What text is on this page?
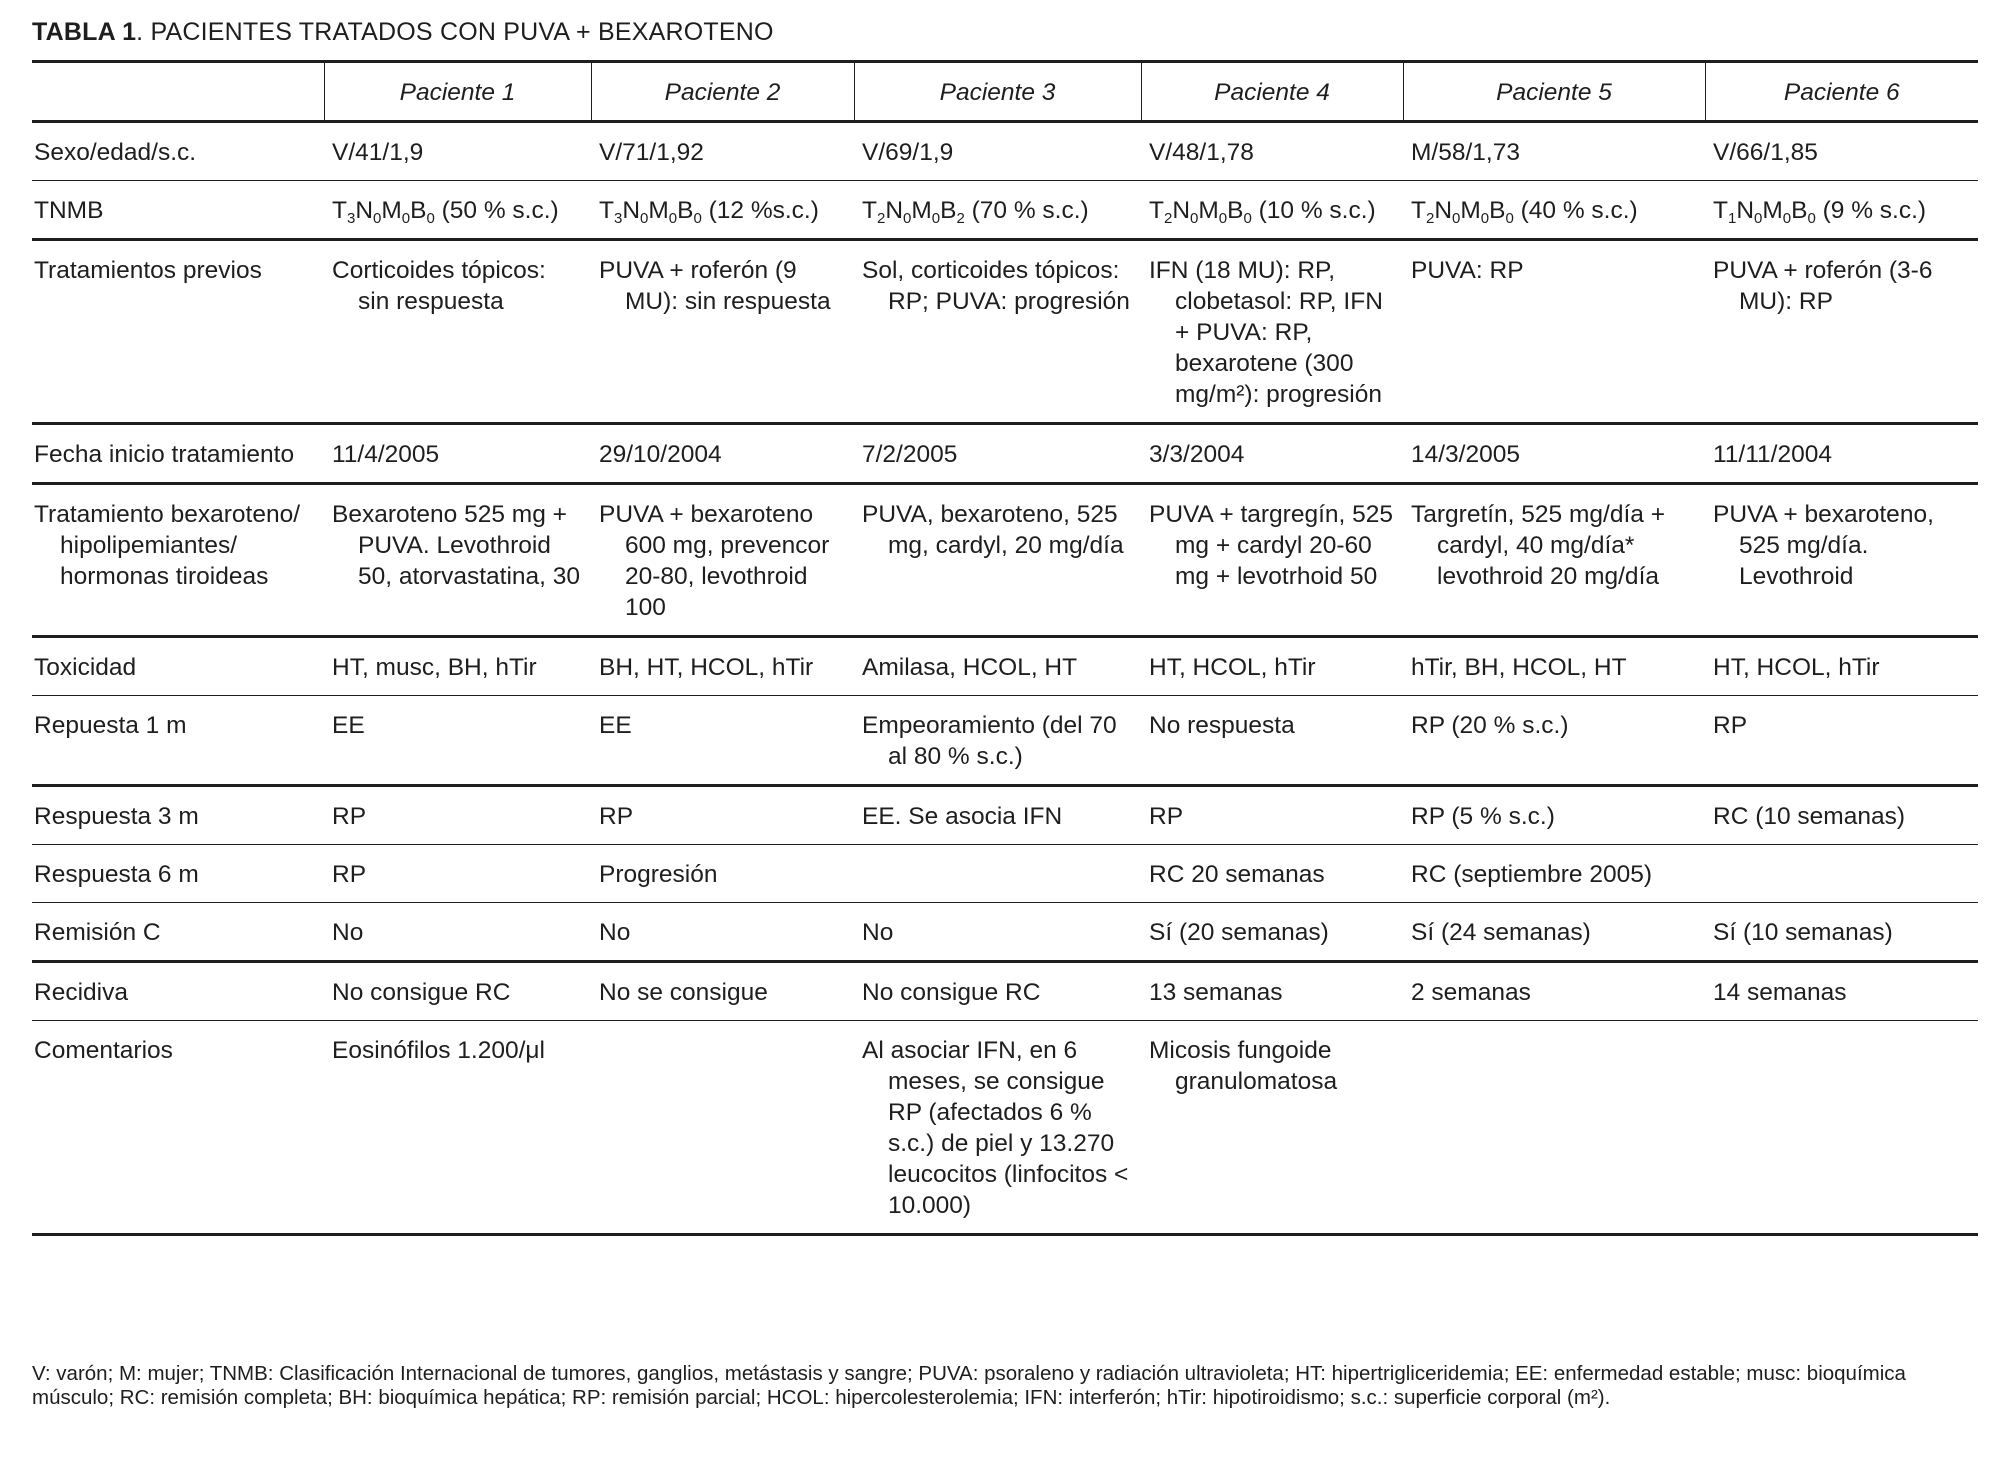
TABLA 1. PACIENTES TRATADOS CON PUVA + BEXAROTENO
	Paciente 1	Paciente 2	Paciente 3	Paciente 4	Paciente 5	Paciente 6
Sexo/edad/s.c.	V/41/1,9	V/71/1,92	V/69/1,9	V/48/1,78	M/58/1,73	V/66/1,85
TNMB	$T_3N_0M_0B_0$ (50 % s.c.)	$T_3N_0M_0B_0$ (12 %s.c.)	$T_2N_0M_0B_2$ (70 % s.c.)	$T_2N_0M_0B_0$ (10 % s.c.)	$T_2N_0M_0B_0$ (40 % s.c.)	$T_1N_0M_0B_0$ (9 % s.c.)
Tratamientos previos	Corticoides tópicos: sin respuesta	PUVA + roferón (9 MU): sin respuesta	Sol, corticoides tópicos: RP; PUVA: progresión	IFN (18 MU): RP, clobetasol: RP, IFN + PUVA: RP, bexarotene (300 mg/m²): progresión	PUVA: RP	PUVA + roferón (3-6 MU): RP

Fecha inicio tratamiento	11/4/2005	29/10/2004	7/2/2005	3/3/2004	14/3/2005	11/11/2004

Tratamiento bexaroteno/ hipolipemiantes/ hormonas tiroideas	Bexaroteno 525 mg + PUVA. Levothroid 50, atorvastatina, 30	PUVA + bexaroteno 600 mg, prevencor 20-80, levothroid 100	PUVA, bexaroteno, 525 mg, cardyl, 20 mg/día	PUVA + targregín, 525 mg + cardyl 20-60 mg + levotrhoid 50	Targretín, 525 mg/día + cardyl, 40 mg/día* levothroid 20 mg/día	PUVA + bexaroteno, 525 mg/día. Levothroid

Toxicidad	HT, musc, BH, hTir	BH, HT, HCOL, hTir	Amilasa, HCOL, HT	HT, HCOL, hTir	hTir, BH, HCOL, HT	HT, HCOL, hTir
Repuesta 1 m	EE	EE	Empeoramiento (del 70 al 80 % s.c.)	No respuesta	RP (20 % s.c.)	RP
Respuesta 3 m	RP	RP	EE. Se asocia IFN	RP	RP (5 % s.c.)	RC (10 semanas)
Respuesta 6 m	RP	Progresión		RC 20 semanas	RC (septiembre 2005)	
Remisión C	No	No	No	Sí (20 semanas)	Sí (24 semanas)	Sí (10 semanas)
Recidiva	No consigue RC	No se consigue	No consigue RC	13 semanas	2 semanas	14 semanas
Comentarios	Eosinófilos 1.200/μl		Al asociar IFN, en 6 meses, se consigue RP (afectados 6 % s.c.) de piel y 13.270 leucocitos (linfocitos < 10.000)	Micosis fungoide granulomatosa		

V: varón; M: mujer; TNMB: Clasificación Internacional de tumores, ganglios, metástasis y sangre; PUVA: psoraleno y radiación ultravioleta; HT: hipertrigliceridemia; EE: enfermedad estable; musc: bioquímica músculo; RC: remisión completa; BH: bioquímica hepática; RP: remisión parcial; HCOL: hipercolesterolemia; IFN: interferón; hTir: hipotiroidismo; s.c.: superficie corporal (m²).
